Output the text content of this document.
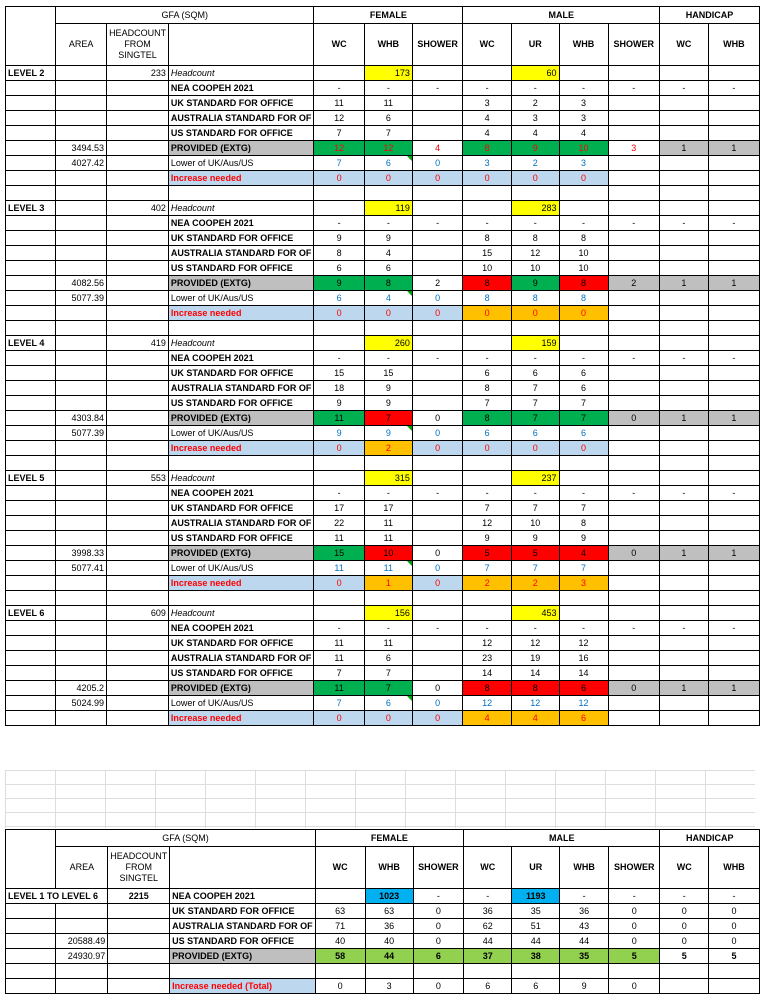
	GFA (SQM)			FEMALE			MALE				HANDICAP	
	AREA	HEADCOUNT FROM SINGTEL		WC	WHB	SHOWER	WC	UR	WHB	SHOWER	WC	WHB
LEVEL 2		233	Headcount		173			60				
			NEA COOPEH 2021	-	-	-	-	-	-	-	-	-
			UK STANDARD FOR OFFICE	11	11		3	2	3			
			AUSTRALIA STANDARD FOR OF	12	6		4	3	3			
			US STANDARD FOR OFFICE	7	7		4	4	4			
	3494.53		PROVIDED (EXTG)	12	12	4	8	9	10	3	1	1
	4027.42		Lower of UK/Aus/US	7	6	0	3	2	3			
			Increase needed	0	0	0	0	0	0			

LEVEL 3		402	Headcount		119			283				
			NEA COOPEH 2021	-	-	-	-	-	-	-	-	-
			UK STANDARD FOR OFFICE	9	9		8	8	8			
			AUSTRALIA STANDARD FOR OF	8	4		15	12	10			
			US STANDARD FOR OFFICE	6	6		10	10	10			
	4082.56		PROVIDED (EXTG)	9	8	2	8	9	8	2	1	1
	5077.39		Lower of UK/Aus/US	6	4	0	8	8	8			
			Increase needed	0	0	0	0	0	0			

LEVEL 4		419	Headcount		260			159				
			NEA COOPEH 2021	-	-	-	-	-	-	-	-	-
			UK STANDARD FOR OFFICE	15	15		6	6	6			
			AUSTRALIA STANDARD FOR OF	18	9		8	7	6			
			US STANDARD FOR OFFICE	9	9		7	7	7			
	4303.84		PROVIDED (EXTG)	11	7	0	8	7	7	0	1	1
	5077.39		Lower of UK/Aus/US	9	9	0	6	6	6			
			Increase needed	0	2	0	0	0	0			

LEVEL 5		553	Headcount		315			237				
			NEA COOPEH 2021	-	-	-	-	-	-	-	-	-
			UK STANDARD FOR OFFICE	17	17		7	7	7			
			AUSTRALIA STANDARD FOR OF	22	11		12	10	8			
			US STANDARD FOR OFFICE	11	11		9	9	9			
	3998.33		PROVIDED (EXTG)	15	10	0	5	5	4	0	1	1
	5077.41		Lower of UK/Aus/US	11	11	0	7	7	7			
			Increase needed	0	1	0	2	2	3			

LEVEL 6		609	Headcount		156			453				
			NEA COOPEH 2021	-	-	-	-	-	-	-	-	-
			UK STANDARD FOR OFFICE	11	11		12	12	12			
			AUSTRALIA STANDARD FOR OF	11	6		23	19	16			
			US STANDARD FOR OFFICE	7	7		14	14	14			
	4205.2		PROVIDED (EXTG)	11	7	0	8	8	6	0	1	1
	5024.99		Lower of UK/Aus/US	7	6	0	12	12	12			
			Increase needed	0	0	0	4	4	6			
	GFA (SQM)			FEMALE			MALE				HANDICAP	
	AREA	HEADCOUNT FROM SINGTEL		WC	WHB	SHOWER	WC	UR	WHB	SHOWER	WC	WHB
LEVEL 1 TO LEVEL 6		2215	NEA COOPEH 2021		1023	-	-	1193	-	-	-	-
			UK STANDARD FOR OFFICE	63	63	0	36	35	36	0	0	0
			AUSTRALIA STANDARD FOR OF	71	36	0	62	51	43	0	0	0
	20588.49		US STANDARD FOR OFFICE	40	40	0	44	44	44	0	0	0
	24930.97		PROVIDED (EXTG)	58	44	6	37	38	35	5	5	5

			Increase needed (Total)	0	3	0	6	6	9	0		
